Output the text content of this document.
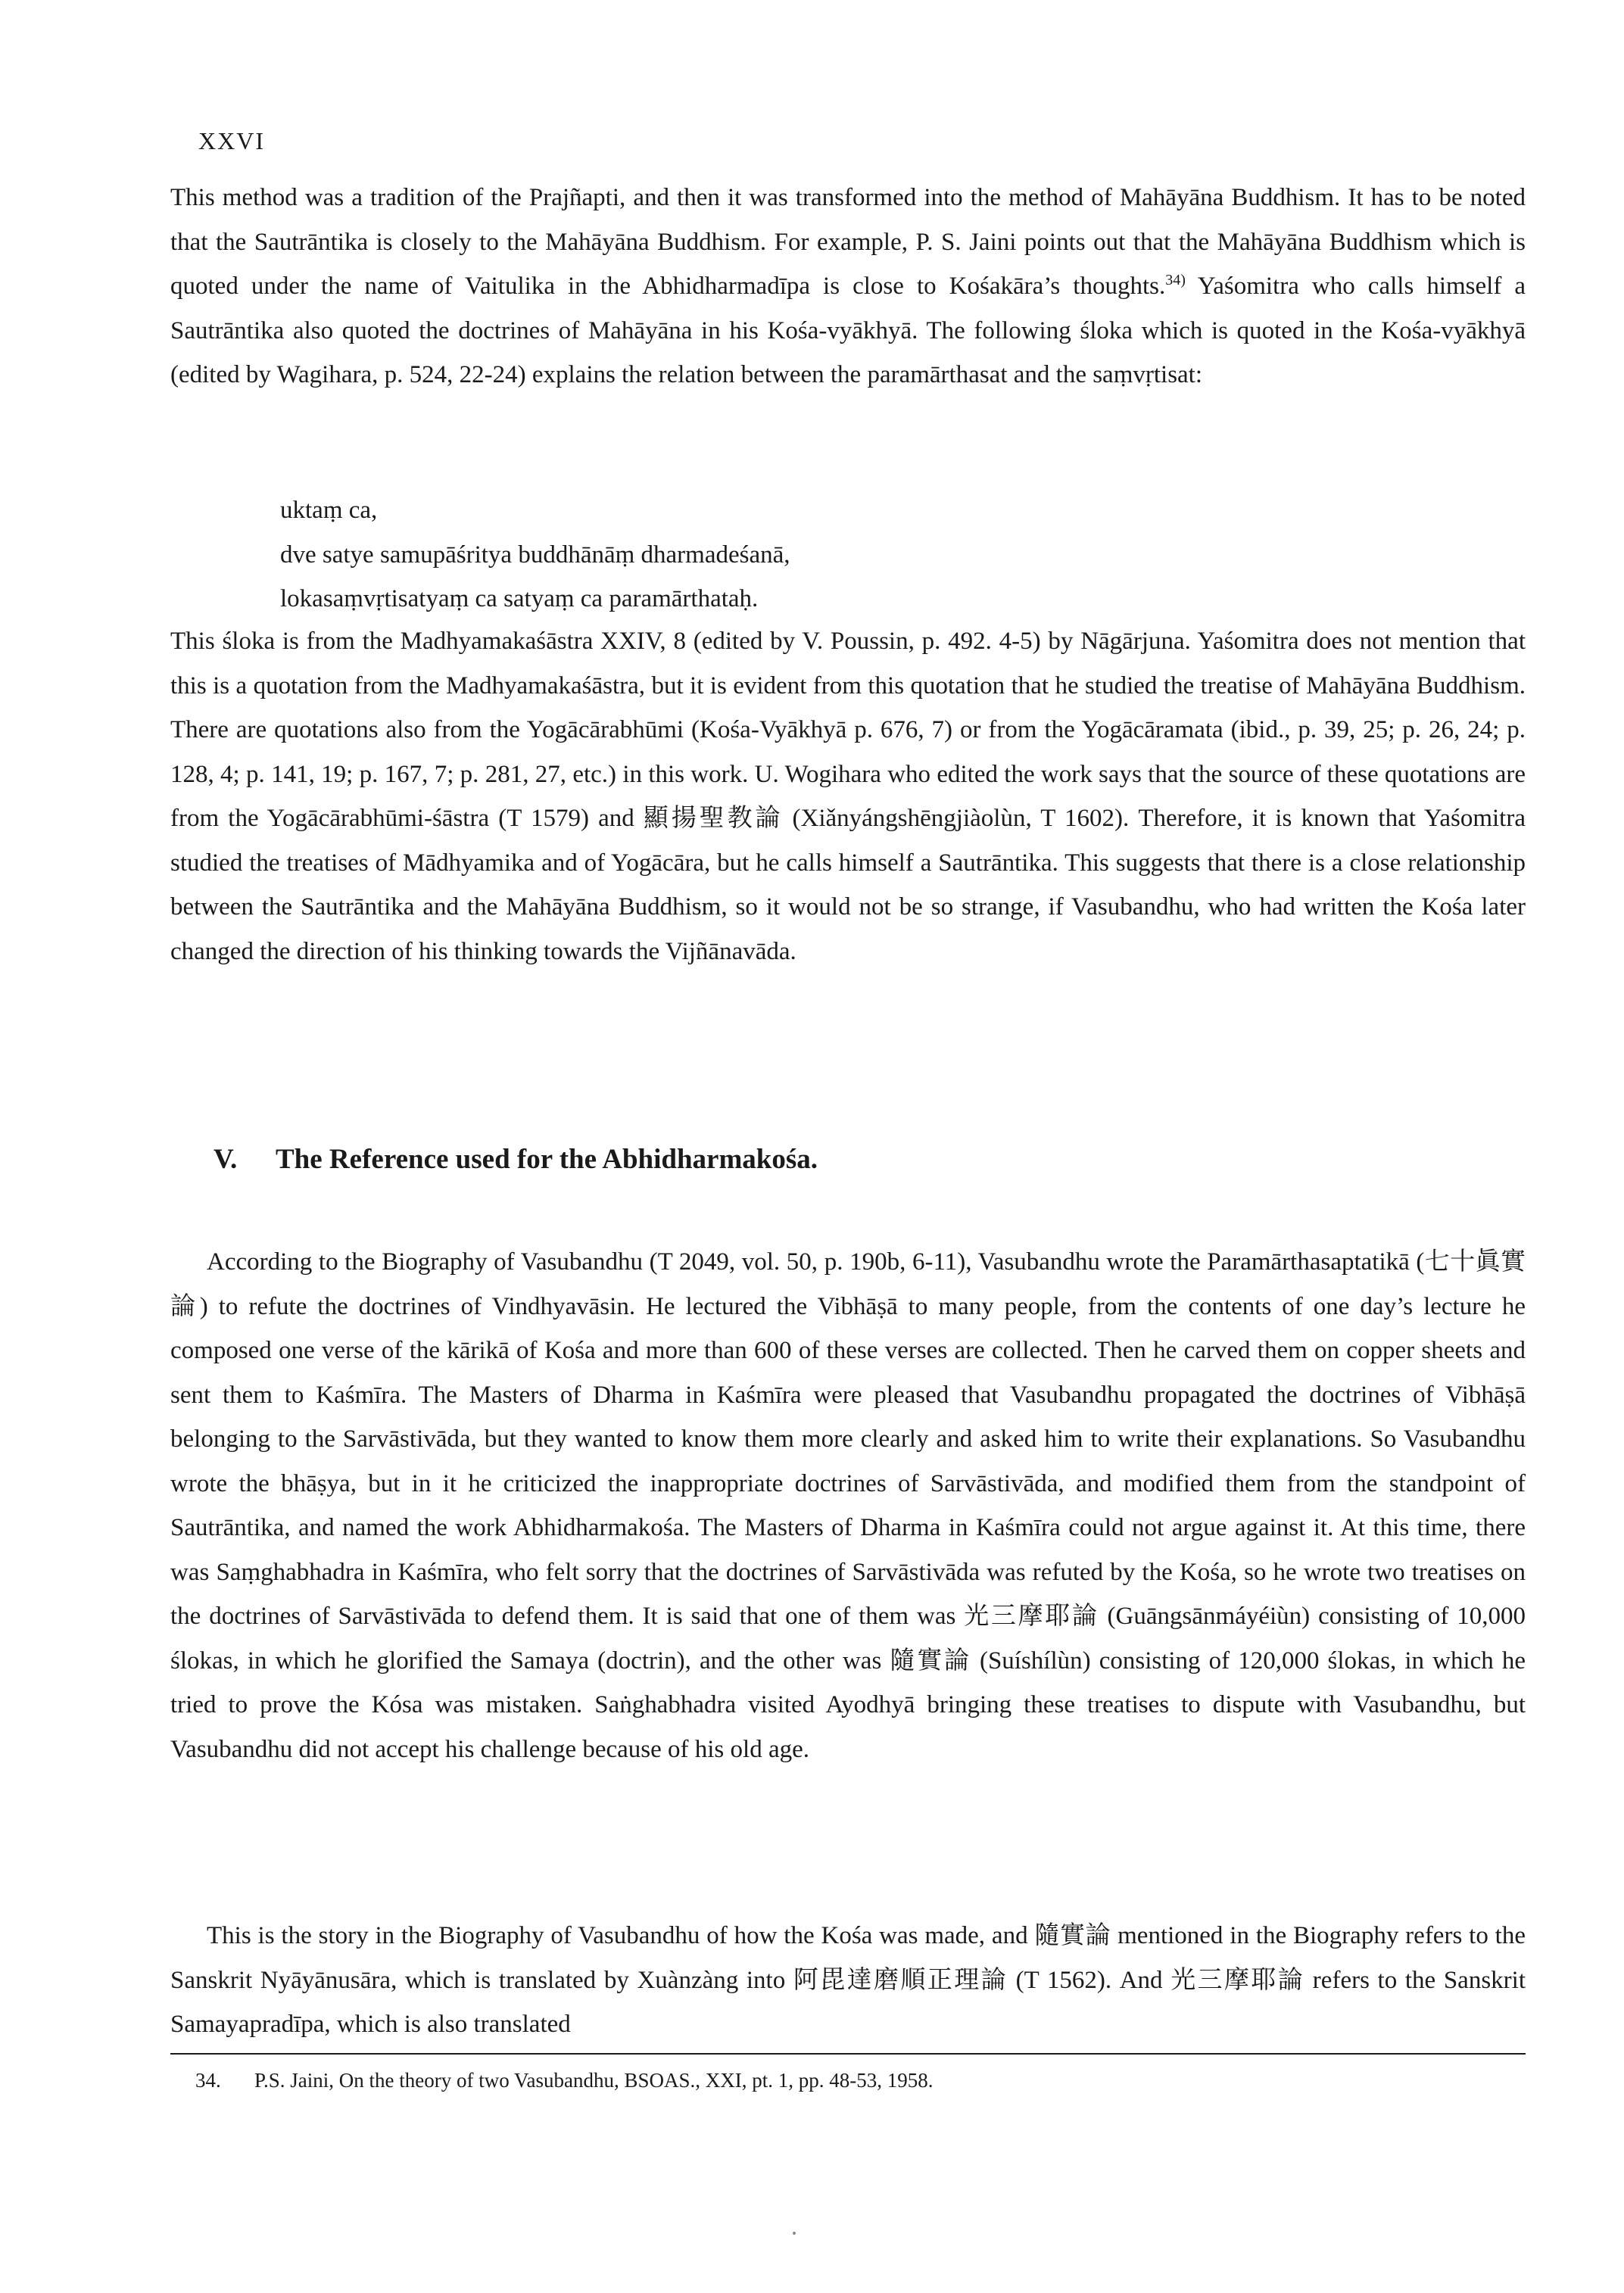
XXVI

This method was a tradition of the Prajñapti, and then it was transformed into the method of Mahāyāna Buddhism. It has to be noted that the Sautrāntika is closely to the Mahāyāna Buddhism. For example, P. S. Jaini points out that the Mahāyāna Buddhism which is quoted under the name of Vaitulika in the Abhidharmadīpa is close to Kośakāra’s thoughts.$^{34)}$ Yaśomitra who calls himself a Sautrāntika also quoted the doctrines of Mahāyāna in his Kośa-vyākhyā. The following śloka which is quoted in the Kośa-vyākhyā (edited by Wagihara, p. 524, 22-24) explains the relation between the paramārthasat and the saṃvṛtisat:

uktaṃ ca,
dve satye samupāśritya buddhānāṃ dharmadeśanā,
lokasaṃvṛtisatyaṃ ca satyaṃ ca paramārthataḥ.

This śloka is from the Madhyamakaśāstra XXIV, 8 (edited by V. Poussin, p. 492. 4-5) by Nāgārjuna. Yaśomitra does not mention that this is a quotation from the Madhyamakaśāstra, but it is evident from this quotation that he studied the treatise of Mahāyāna Buddhism. There are quotations also from the Yogācārabhūmi (Kośa-Vyākhyā p. 676, 7) or from the Yogācāramata (ibid., p. 39, 25; p. 26, 24; p. 128, 4; p. 141, 19; p. 167, 7; p. 281, 27, etc.) in this work. U. Wogihara who edited the work says that the source of these quotations are from the Yogācārabhūmi-śāstra (T 1579) and 顯揚聖教論 (Xiǎnyángshēngjiàolùn, T 1602). Therefore, it is known that Yaśomitra studied the treatises of Mādhyamika and of Yogācāra, but he calls himself a Sautrāntika. This suggests that there is a close relationship between the Sautrāntika and the Mahāyāna Buddhism, so it would not be so strange, if Vasubandhu, who had written the Kośa later changed the direction of his thinking towards the Vijñānavāda.

V. The Reference used for the Abhidharmakośa.

According to the Biography of Vasubandhu (T 2049, vol. 50, p. 190b, 6-11), Vasubandhu wrote the Paramārthasaptatikā (七十眞實論) to refute the doctrines of Vindhyavāsin. He lectured the Vibhāṣā to many people, from the contents of one day’s lecture he composed one verse of the kārikā of Kośa and more than 600 of these verses are collected. Then he carved them on copper sheets and sent them to Kaśmīra. The Masters of Dharma in Kaśmīra were pleased that Vasubandhu propagated the doctrines of Vibhāṣā belonging to the Sarvāstivāda, but they wanted to know them more clearly and asked him to write their explanations. So Vasubandhu wrote the bhāṣya, but in it he criticized the inappropriate doctrines of Sarvāstivāda, and modified them from the standpoint of Sautrāntika, and named the work Abhidharmakośa. The Masters of Dharma in Kaśmīra could not argue against it. At this time, there was Saṃghabhadra in Kaśmīra, who felt sorry that the doctrines of Sarvāstivāda was refuted by the Kośa, so he wrote two treatises on the doctrines of Sarvāstivāda to defend them. It is said that one of them was 光三摩耶論 (Guāngsānmáyéiùn) consisting of 10,000 ślokas, in which he glorified the Samaya (doctrin), and the other was 隨實論 (Suíshílùn) consisting of 120,000 ślokas, in which he tried to prove the Kósa was mistaken. Saṅghabhadra visited Ayodhyā bringing these treatises to dispute with Vasubandhu, but Vasubandhu did not accept his challenge because of his old age.

This is the story in the Biography of Vasubandhu of how the Kośa was made, and 隨實論 mentioned in the Biography refers to the Sanskrit Nyāyānusāra, which is translated by Xuànzàng into 阿毘達磨順正理論 (T 1562). And 光三摩耶論 refers to the Sanskrit Samayapradīpa, which is also translated

34. P.S. Jaini, On the theory of two Vasubandhu, BSOAS., XXI, pt. 1, pp. 48-53, 1958.
